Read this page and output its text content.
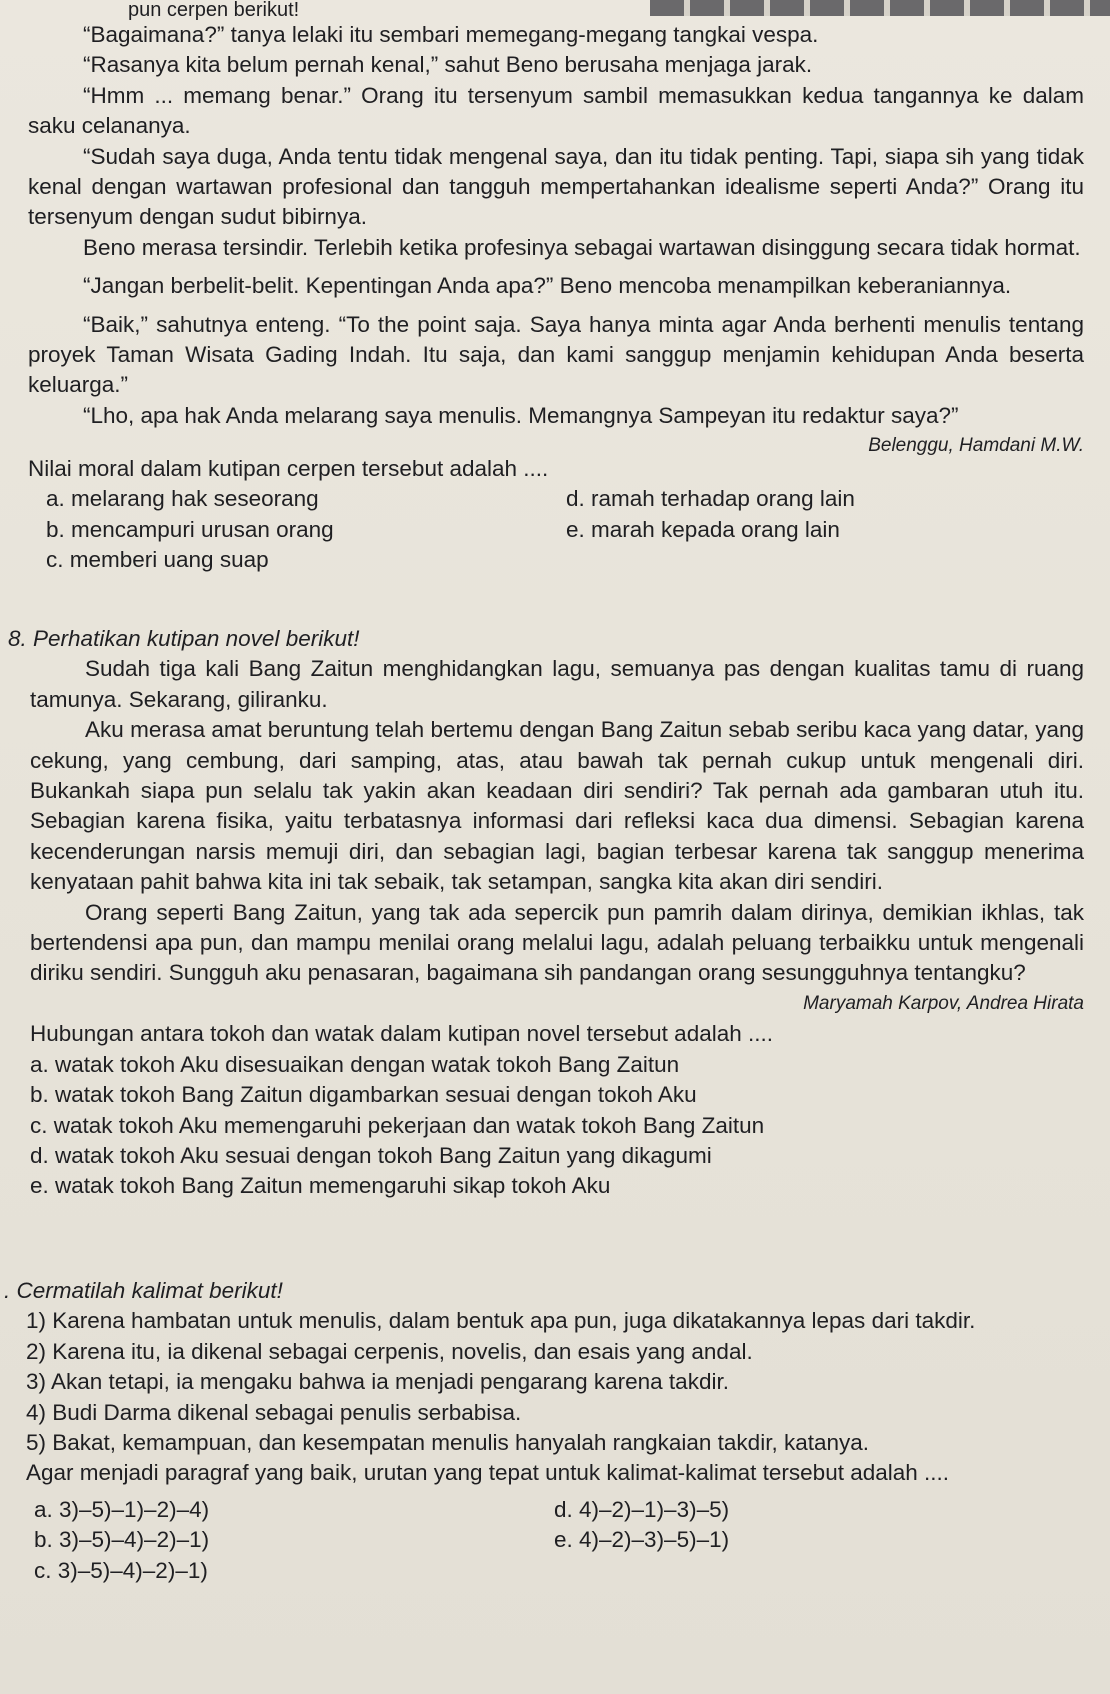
pun cerpen berikut!

“Bagaimana?” tanya lelaki itu sembari memegang-megang tangkai vespa.

“Rasanya kita belum pernah kenal,” sahut Beno berusaha menjaga jarak.

“Hmm ... memang benar.” Orang itu tersenyum sambil memasukkan kedua tangannya ke dalam saku celananya.

“Sudah saya duga, Anda tentu tidak mengenal saya, dan itu tidak penting. Tapi, siapa sih yang tidak kenal dengan wartawan profesional dan tangguh mempertahankan idealisme seperti Anda?” Orang itu tersenyum dengan sudut bibirnya.

Beno merasa tersindir. Terlebih ketika profesinya sebagai wartawan disinggung secara tidak hormat.

“Jangan berbelit-belit. Kepentingan Anda apa?” Beno mencoba menampilkan keberaniannya.

“Baik,” sahutnya enteng. “To the point saja. Saya hanya minta agar Anda berhenti menulis tentang proyek Taman Wisata Gading Indah. Itu saja, dan kami sanggup menjamin kehidupan Anda beserta keluarga.”

“Lho, apa hak Anda melarang saya menulis. Memangnya Sampeyan itu redaktur saya?”

Belenggu, Hamdani M.W.

Nilai moral dalam kutipan cerpen tersebut adalah ....

a. melarang hak seseorang	d. ramah terhadap orang lain
b. mencampuri urusan orang	e. marah kepada orang lain
c. memberi uang suap

8. Perhatikan kutipan novel berikut!

Sudah tiga kali Bang Zaitun menghidangkan lagu, semuanya pas dengan kualitas tamu di ruang tamunya. Sekarang, giliranku.

Aku merasa amat beruntung telah bertemu dengan Bang Zaitun sebab seribu kaca yang datar, yang cekung, yang cembung, dari samping, atas, atau bawah tak pernah cukup untuk mengenali diri. Bukankah siapa pun selalu tak yakin akan keadaan diri sendiri? Tak pernah ada gambaran utuh itu. Sebagian karena fisika, yaitu terbatasnya informasi dari refleksi kaca dua dimensi. Sebagian karena kecenderungan narsis memuji diri, dan sebagian lagi, bagian terbesar karena tak sanggup menerima kenyataan pahit bahwa kita ini tak sebaik, tak setampan, sangka kita akan diri sendiri.

Orang seperti Bang Zaitun, yang tak ada sepercik pun pamrih dalam dirinya, demikian ikhlas, tak bertendensi apa pun, dan mampu menilai orang melalui lagu, adalah peluang terbaikku untuk mengenali diriku sendiri. Sungguh aku penasaran, bagaimana sih pandangan orang sesungguhnya tentangku?

Maryamah Karpov, Andrea Hirata

Hubungan antara tokoh dan watak dalam kutipan novel tersebut adalah ....

a. watak tokoh Aku disesuaikan dengan watak tokoh Bang Zaitun
b. watak tokoh Bang Zaitun digambarkan sesuai dengan tokoh Aku
c. watak tokoh Aku memengaruhi pekerjaan dan watak tokoh Bang Zaitun
d. watak tokoh Aku sesuai dengan tokoh Bang Zaitun yang dikagumi
e. watak tokoh Bang Zaitun memengaruhi sikap tokoh Aku

. Cermatilah kalimat berikut!

1) Karena hambatan untuk menulis, dalam bentuk apa pun, juga dikatakannya lepas dari takdir.

2) Karena itu, ia dikenal sebagai cerpenis, novelis, dan esais yang andal.

3) Akan tetapi, ia mengaku bahwa ia menjadi pengarang karena takdir.

4) Budi Darma dikenal sebagai penulis serbabisa.

5) Bakat, kemampuan, dan kesempatan menulis hanyalah rangkaian takdir, katanya.

Agar menjadi paragraf yang baik, urutan yang tepat untuk kalimat-kalimat tersebut adalah ....

a. 3)–5)–1)–2)–4)	d. 4)–2)–1)–3)–5)
b. 3)–5)–4)–2)–1)	e. 4)–2)–3)–5)–1)
c. 3)–5)–4)–2)–1)
